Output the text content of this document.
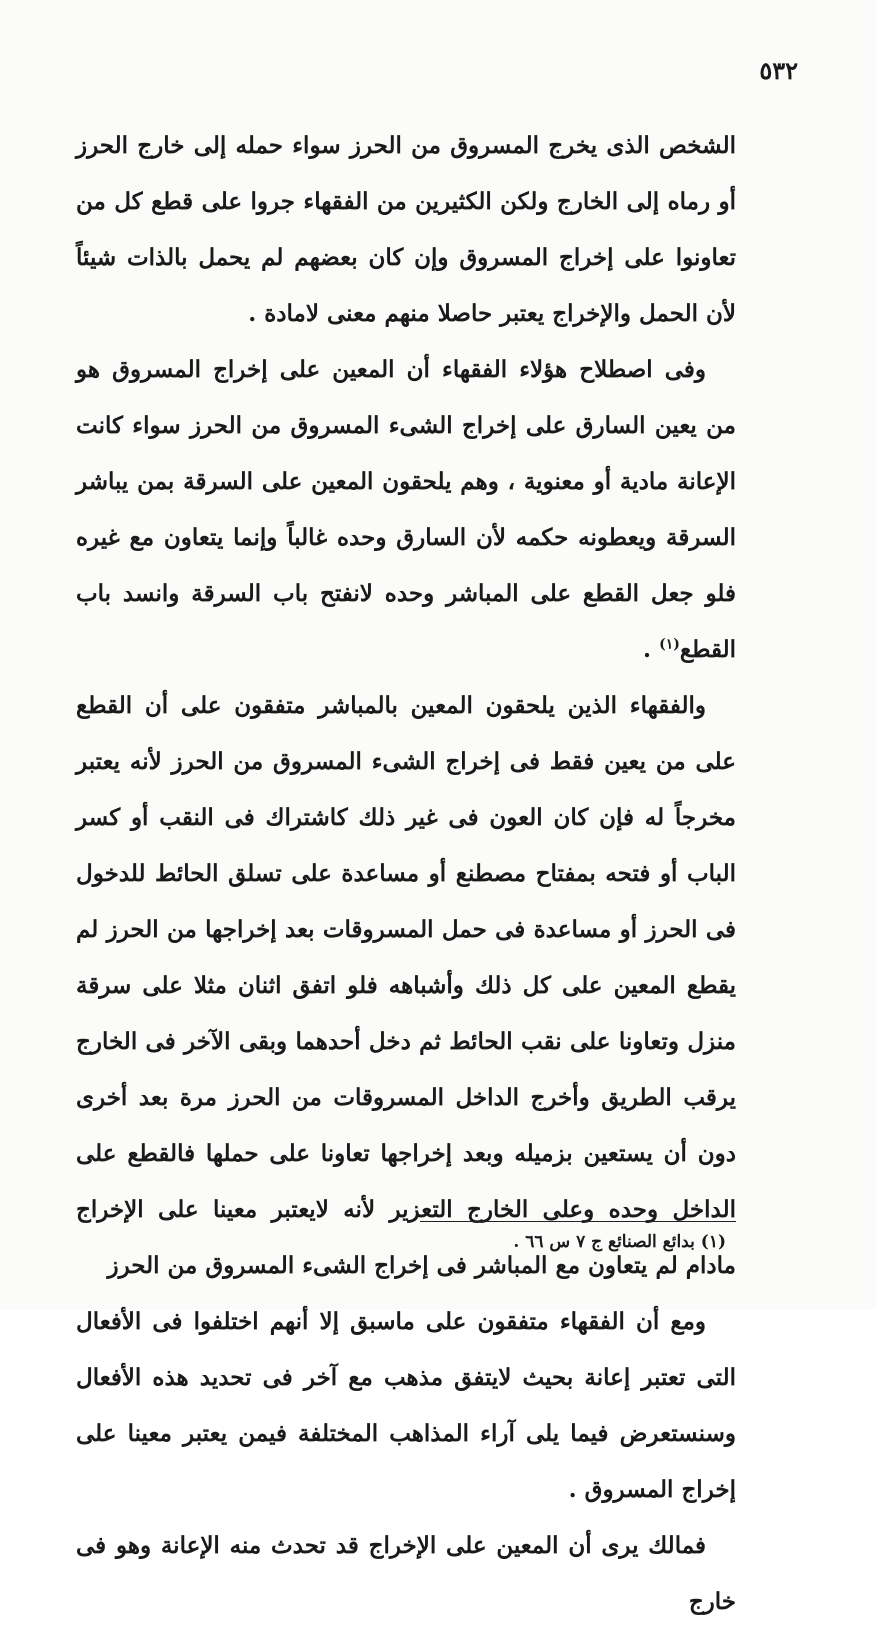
٥٣٢

الشخص الذى يخرج المسروق من الحرز سواء حمله إلى خارج الحرز أو رماه إلى الخارج ولكن الكثيرين من الفقهاء جروا على قطع كل من تعاونوا على إخراج المسروق وإن كان بعضهم لم يحمل بالذات شيئاً لأن الحمل والإخراج يعتبر حاصلا منهم معنى لامادة .

وفى اصطلاح هؤلاء الفقهاء أن المعين على إخراج المسروق هو من يعين السارق على إخراج الشىء المسروق من الحرز سواء كانت الإعانة مادية أو معنوية ، وهم يلحقون المعين على السرقة بمن يباشر السرقة ويعطونه حكمه لأن السارق وحده غالباً وإنما يتعاون مع غيره فلو جعل القطع على المباشر وحده لانفتح باب السرقة وانسد باب القطع$^{(١)}$ .

والفقهاء الذين يلحقون المعين بالمباشر متفقون على أن القطع على من يعين فقط فى إخراج الشىء المسروق من الحرز لأنه يعتبر مخرجاً له فإن كان العون فى غير ذلك كاشتراك فى النقب أو كسر الباب أو فتحه بمفتاح مصطنع أو مساعدة على تسلق الحائط للدخول فى الحرز أو مساعدة فى حمل المسروقات بعد إخراجها من الحرز لم يقطع المعين على كل ذلك وأشباهه فلو اتفق اثنان مثلا على سرقة منزل وتعاونا على نقب الحائط ثم دخل أحدهما وبقى الآخر فى الخارج يرقب الطريق وأخرج الداخل المسروقات من الحرز مرة بعد أخرى دون أن يستعين بزميله وبعد إخراجها تعاونا على حملها فالقطع على الداخل وحده وعلى الخارج التعزير لأنه لايعتبر معينا على الإخراج مادام لم يتعاون مع المباشر فى إخراج الشىء المسروق من الحرز

ومع أن الفقهاء متفقون على ماسبق إلا أنهم اختلفوا فى الأفعال التى تعتبر إعانة بحيث لايتفق مذهب مع آخر فى تحديد هذه الأفعال وسنستعرض فيما يلى آراء المذاهب المختلفة فيمن يعتبر معينا على إخراج المسروق .

فمالك يرى أن المعين على الإخراج قد تحدث منه الإعانة وهو فى خارج

(١) بدائع الصنائع ج ٧ س ٦٦ .
